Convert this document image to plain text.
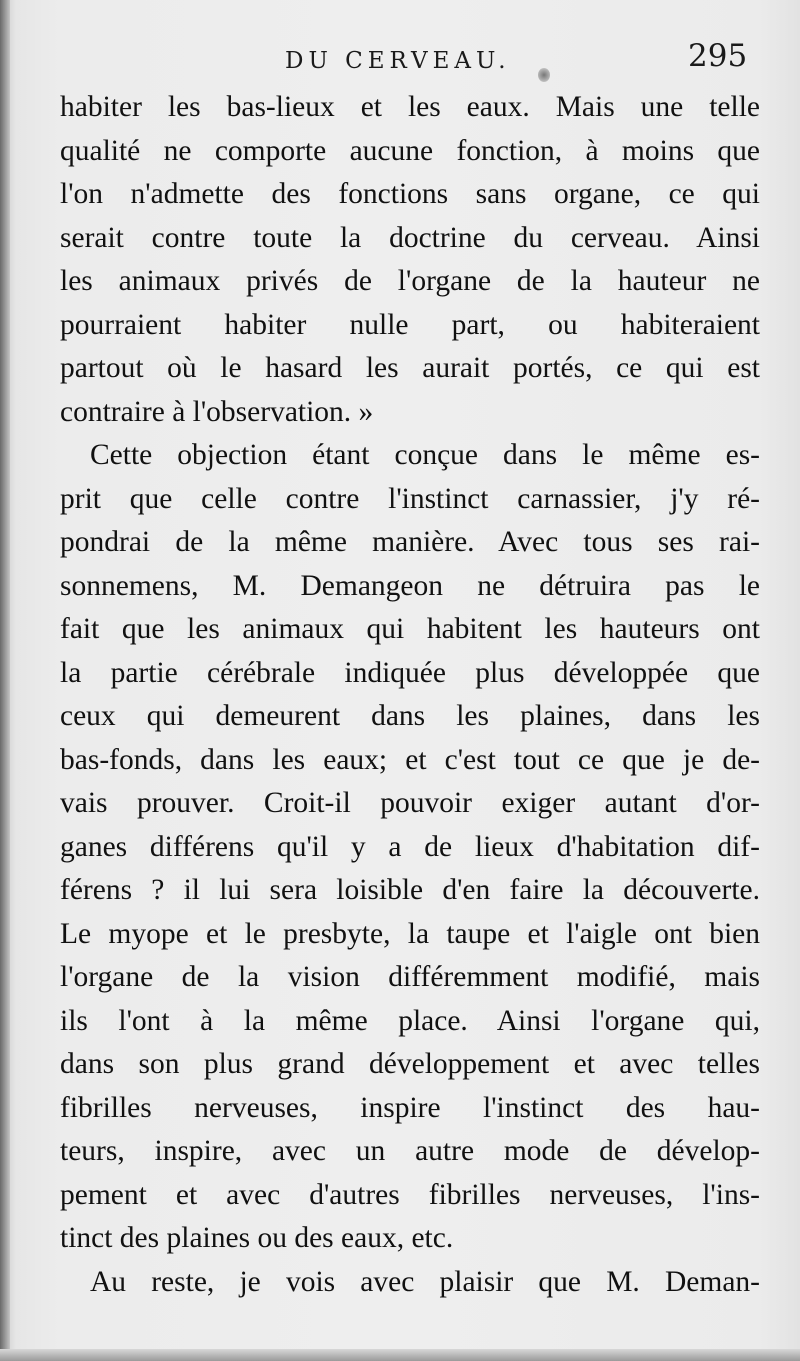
DU CERVEAU.	295
habiter les bas-lieux et les eaux. Mais une telle
qualité ne comporte aucune fonction, à moins que
l'on n'admette des fonctions sans organe, ce qui
serait contre toute la doctrine du cerveau. Ainsi
les animaux privés de l'organe de la hauteur ne
pourraient habiter nulle part, ou habiteraient
partout où le hasard les aurait portés, ce qui est
contraire à l'observation. »
Cette objection étant conçue dans le même es-
prit que celle contre l'instinct carnassier, j'y ré-
pondrai de la même manière. Avec tous ses rai-
sonnemens, M. Demangeon ne détruira pas le
fait que les animaux qui habitent les hauteurs ont
la partie cérébrale indiquée plus développée que
ceux qui demeurent dans les plaines, dans les
bas-fonds, dans les eaux; et c'est tout ce que je de-
vais prouver. Croit-il pouvoir exiger autant d'or-
ganes différens qu'il y a de lieux d'habitation dif-
férens ? il lui sera loisible d'en faire la découverte.
Le myope et le presbyte, la taupe et l'aigle ont bien
l'organe de la vision différemment modifié, mais
ils l'ont à la même place. Ainsi l'organe qui,
dans son plus grand développement et avec telles
fibrilles nerveuses, inspire l'instinct des hau-
teurs, inspire, avec un autre mode de dévelop-
pement et avec d'autres fibrilles nerveuses, l'ins-
tinct des plaines ou des eaux, etc.
Au reste, je vois avec plaisir que M. Deman-
